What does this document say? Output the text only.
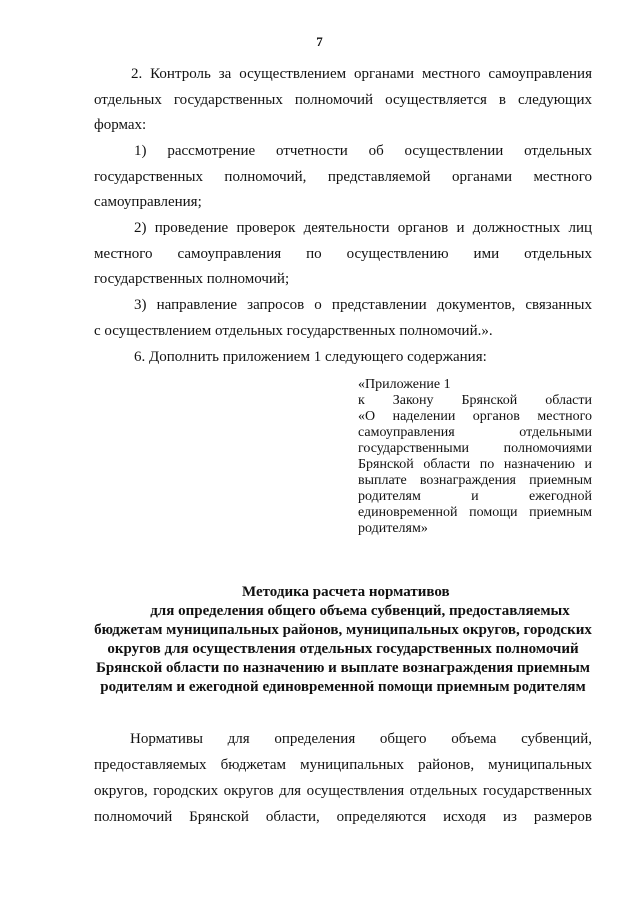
7
2. Контроль за осуществлением органами местного самоуправления
отдельных государственных полномочий осуществляется в следующих
формах:
1) рассмотрение отчетности об осуществлении отдельных
государственных полномочий, представляемой органами местного
самоуправления;
2) проведение проверок деятельности органов и должностных лиц
местного самоуправления по осуществлению ими отдельных
государственных полномочий;
3) направление запросов о представлении документов, связанных
с осуществлением отдельных государственных полномочий.».
6. Дополнить приложением 1 следующего содержания:
«Приложение 1
к Закону Брянской области
«О наделении органов местного
самоуправления отдельными
государственными полномочиями
Брянской области по назначению и
выплате вознаграждения приемным
родителям и ежегодной
единовременной помощи приемным
родителям»
Методика расчета нормативов
для определения общего объема субвенций, предоставляемых
бюджетам муниципальных районов, муниципальных округов, городских
округов для осуществления отдельных государственных полномочий
Брянской области по назначению и выплате вознаграждения приемным
родителям и ежегодной единовременной помощи приемным родителям
Нормативы для определения общего объема субвенций,
предоставляемых бюджетам муниципальных районов, муниципальных
округов, городских округов для осуществления отдельных государственных
полномочий Брянской области, определяются исходя из размеров
